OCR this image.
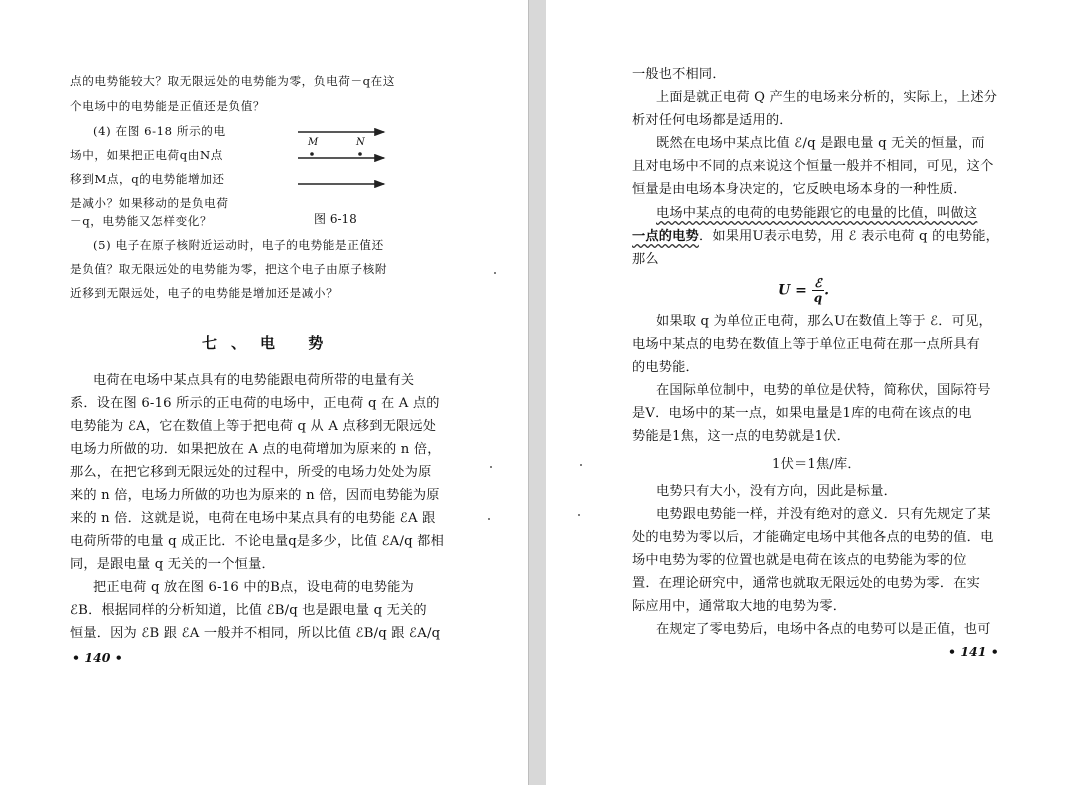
点的电势能较大？取无限远处的电势能为零，负电荷－q在这
个电场中的电势能是正值还是负值？
(4) 在图 6-18 所示的电
场中，如果把正电荷q由N点
移到M点，q的电势能增加还
是减小？如果移动的是负电荷
－q，电势能又怎样变化？
M	N
图 6-18
(5) 电子在原子核附近运动时，电子的电势能是正值还
是负值？取无限远处的电势能为零，把这个电子由原子核附
近移到无限远处，电子的电势能是增加还是减小？
七、电 势
电荷在电场中某点具有的电势能跟电荷所带的电量有关
系．设在图 6-16 所示的正电荷的电场中，正电荷 q 在 A 点的
电势能为 ℰA，它在数值上等于把电荷 q 从 A 点移到无限远处
电场力所做的功．如果把放在 A 点的电荷增加为原来的 n 倍，
那么，在把它移到无限远处的过程中，所受的电场力处处为原
来的 n 倍，电场力所做的功也为原来的 n 倍，因而电势能为原
来的 n 倍．这就是说，电荷在电场中某点具有的电势能 ℰA 跟
电荷所带的电量 q 成正比．不论电量q是多少，比值 ℰA/q 都相
同，是跟电量 q 无关的一个恒量．
把正电荷 q 放在图 6-16 中的B点，设电荷的电势能为
ℰB．根据同样的分析知道，比值 ℰB/q 也是跟电量 q 无关的
恒量．因为 ℰB 跟 ℰA 一般并不相同，所以比值 ℰB/q 跟 ℰA/q
• 140 •
一般也不相同．
上面是就正电荷 Q 产生的电场来分析的，实际上，上述分
析对任何电场都是适用的．
既然在电场中某点比值 ℰ/q 是跟电量 q 无关的恒量，而
且对电场中不同的点来说这个恒量一般并不相同，可见，这个
恒量是由电场本身决定的，它反映电场本身的一种性质．
电场中某点的电荷的电势能跟它的电量的比值，叫做这
一点的电势．如果用U表示电势，用 ℰ 表示电荷 q 的电势能，
那么
$U = \frac{\text{ℰ}}{q}$ .
如果取 q 为单位正电荷，那么U在数值上等于 ℰ．可见，
电场中某点的电势在数值上等于单位正电荷在那一点所具有
的电势能．
在国际单位制中，电势的单位是伏特，简称伏，国际符号
是V．电场中的某一点，如果电量是1库的电荷在该点的电
势能是1焦，这一点的电势就是1伏．
1伏＝1焦/库．
电势只有大小，没有方向，因此是标量．
电势跟电势能一样，并没有绝对的意义．只有先规定了某
处的电势为零以后，才能确定电场中其他各点的电势的值．电
场中电势为零的位置也就是电荷在该点的电势能为零的位
置．在理论研究中，通常也就取无限远处的电势为零．在实
际应用中，通常取大地的电势为零．
在规定了零电势后，电场中各点的电势可以是正值，也可
• 141 •
